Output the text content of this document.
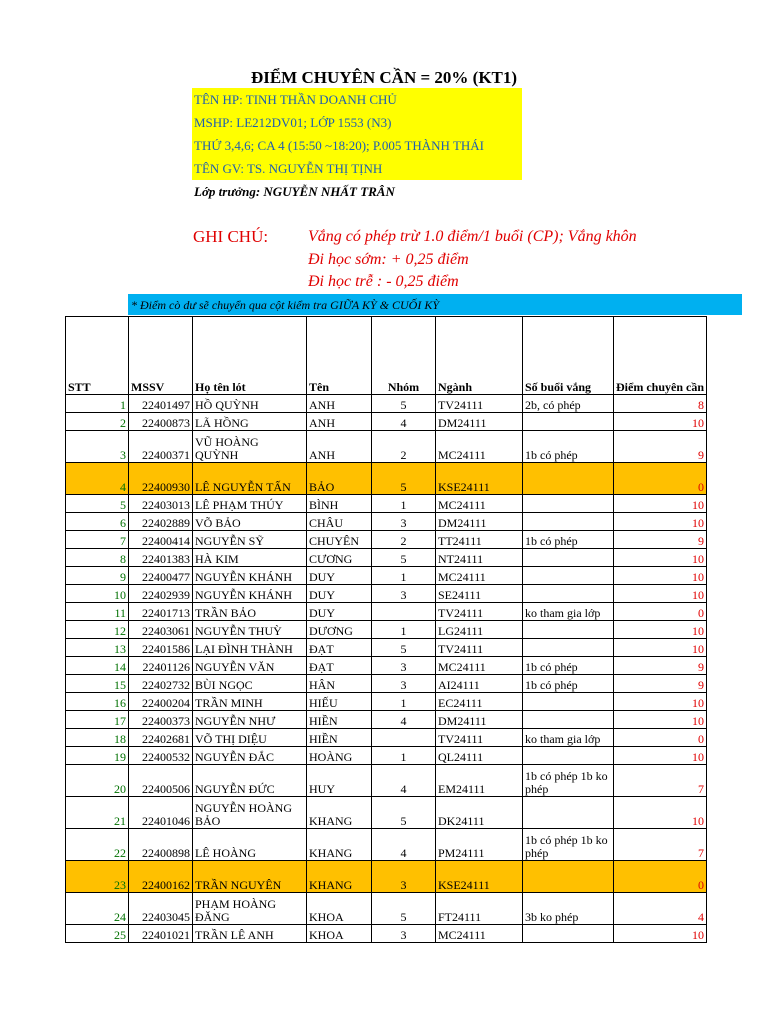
ĐIỂM CHUYÊN CẦN = 20% (KT1)
TÊN HP: TINH THẦN DOANH CHỦ
MSHP: LE212DV01; LỚP 1553 (N3)
THỨ 3,4,6; CA 4 (15:50 ~18:20); P.005 THÀNH THÁI
TÊN GV: TS. NGUYỄN THỊ TỊNH
Lớp trưởng: NGUYỄN NHẤT TRÂN
GHI CHÚ: Vắng có phép trừ 1.0 điểm/1 buổi (CP); Vắng khôn
Đi học sớm: + 0,25 điểm
Đi học trễ : - 0,25 điểm
* Điểm cò dư sẽ chuyển qua cột kiểm tra GIỮA KỲ & CUỐI KỲ
STT	MSSV	Họ tên lót	Tên	Nhóm	Ngành	Số buổi vắng	Điểm chuyên cần
1	22401497	HỒ QUỲNH	ANH	5	TV24111	2b, có phép	8
2	22400873	LÃ HỒNG	ANH	4	DM24111		10
3	22400371	VŨ HOÀNG QUỲNH	ANH	2	MC24111	1b có phép	9
4	22400930	LÊ NGUYỄN TẤN	BẢO	5	KSE24111		0
5	22403013	LÊ PHẠM THÚY	BÌNH	1	MC24111		10
6	22402889	VÕ BẢO	CHÂU	3	DM24111		10
7	22400414	NGUYỄN SỸ	CHUYÊN	2	TT24111	1b có phép	9
8	22401383	HÀ KIM	CƯƠNG	5	NT24111		10
9	22400477	NGUYỄN KHÁNH	DUY	1	MC24111		10
10	22402939	NGUYỄN KHÁNH	DUY	3	SE24111		10
11	22401713	TRẦN BẢO	DUY		TV24111	ko tham gia lớp	0
12	22403061	NGUYỄN THUỲ	DƯƠNG	1	LG24111		10
13	22401586	LẠI ĐÌNH THÀNH	ĐẠT	5	TV24111		10
14	22401126	NGUYỄN VĂN	ĐẠT	3	MC24111	1b có phép	9
15	22402732	BÙI NGỌC	HÂN	3	AI24111	1b có phép	9
16	22400204	TRẦN MINH	HIẾU	1	EC24111		10
17	22400373	NGUYỄN NHƯ	HIỀN	4	DM24111		10
18	22402681	VÕ THỊ DIỆU	HIỀN		TV24111	ko tham gia lớp	0
19	22400532	NGUYỄN ĐẮC	HOÀNG	1	QL24111		10
20	22400506	NGUYỄN ĐỨC	HUY	4	EM24111	1b có phép 1b ko phép	7
21	22401046	NGUYỄN HOÀNG BẢO	KHANG	5	DK24111		10
22	22400898	LÊ HOÀNG	KHANG	4	PM24111	1b có phép 1b ko phép	7
23	22400162	TRẦN NGUYÊN	KHANG	3	KSE24111		0
24	22403045	PHẠM HOÀNG ĐĂNG	KHOA	5	FT24111	3b ko phép	4
25	22401021	TRẦN LÊ ANH	KHOA	3	MC24111		10
